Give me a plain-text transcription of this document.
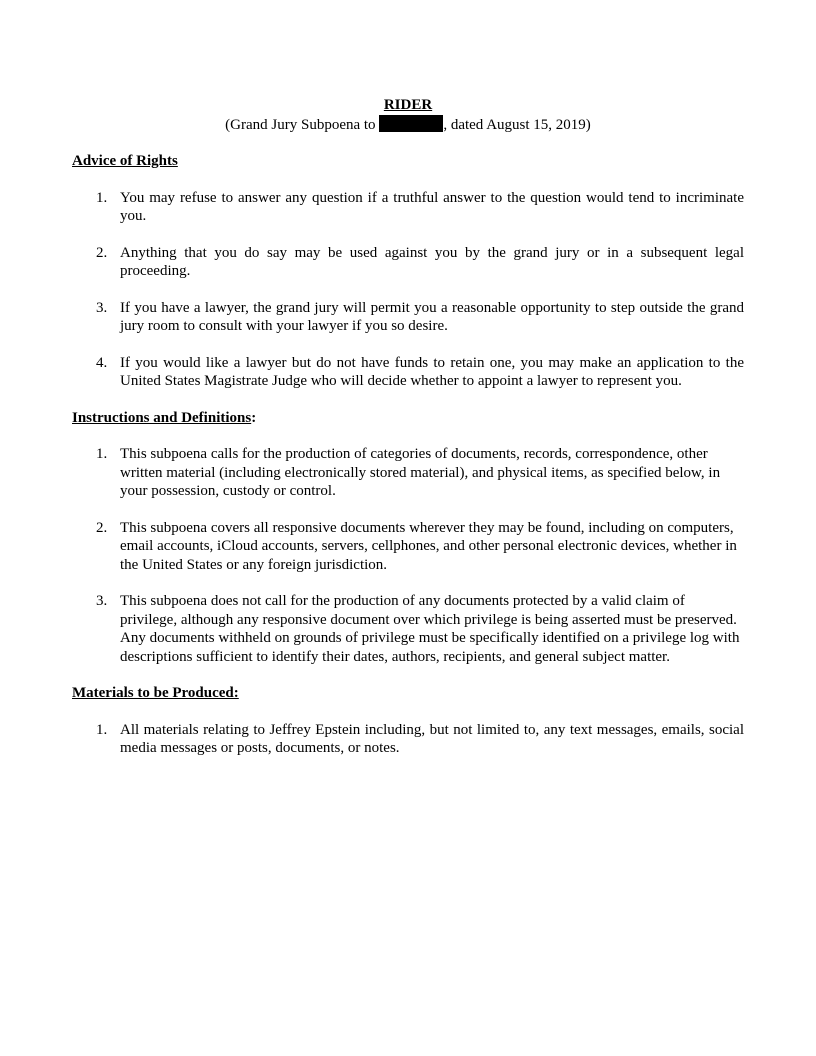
RIDER

(Grand Jury Subpoena to	, dated August 15, 2019)

Advice of Rights

1. You may refuse to answer any question if a truthful answer to the question would tend to incriminate you.
2. Anything that you do say may be used against you by the grand jury or in a subsequent legal proceeding.
3. If you have a lawyer, the grand jury will permit you a reasonable opportunity to step outside the grand jury room to consult with your lawyer if you so desire.
4. If you would like a lawyer but do not have funds to retain one, you may make an application to the United States Magistrate Judge who will decide whether to appoint a lawyer to represent you.

Instructions and Definitions:

1. This subpoena calls for the production of categories of documents, records, correspondence, other written material (including electronically stored material), and physical items, as specified below, in your possession, custody or control.
2. This subpoena covers all responsive documents wherever they may be found, including on computers, email accounts, iCloud accounts, servers, cellphones, and other personal electronic devices, whether in the United States or any foreign jurisdiction.
3. This subpoena does not call for the production of any documents protected by a valid claim of privilege, although any responsive document over which privilege is being asserted must be preserved. Any documents withheld on grounds of privilege must be specifically identified on a privilege log with descriptions sufficient to identify their dates, authors, recipients, and general subject matter.

Materials to be Produced:

1. All materials relating to Jeffrey Epstein including, but not limited to, any text messages, emails, social media messages or posts, documents, or notes.
